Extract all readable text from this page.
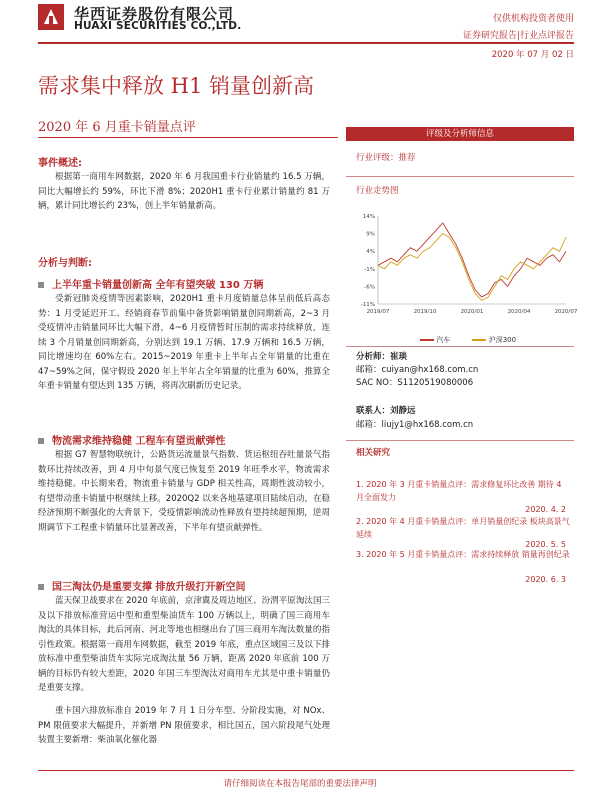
华西证券股份有限公司
HUAXI SECURITIES CO.,LTD.
仅供机构投资者使用
证券研究报告|行业点评报告
2020 年 07 月 02 日
需求集中释放 H1 销量创新高
2020 年 6 月重卡销量点评
事件概述:
根据第一商用车网数据，2020 年 6 月我国重卡行业销量约 16.5 万辆，同比大幅增长约 59%，环比下滑 8%；2020H1 重卡行业累计销量约 81 万辆，累计同比增长约 23%，创上半年销量新高。
分析与判断:
上半年重卡销量创新高 全年有望突破 130 万辆
受新冠肺炎疫情等因素影响，2020H1 重卡月度销量总体呈前低后高态势：1 月受延迟开工、经销商春节前集中备货影响销量创同期新高，2~3 月受疫情冲击销量同环比大幅下滑，4~6 月疫情暂时压制的需求持续释放，连续 3 个月销量创同期新高，分别达到 19.1 万辆、17.9 万辆和 16.5 万辆，同比增速均在 60%左右。2015~2019 年重卡上半年占全年销量的比重在 47~59%之间，保守假设 2020 年上半年占全年销量的比重为 60%，推算全年重卡销量有望达到 135 万辆，将再次刷新历史记录。
物流需求维持稳健 工程车有望贡献弹性
根据 G7 智慧物联统计，公路货运流量景气指数、货运枢纽吞吐量景气指数环比持续改善，到 4 月中旬景气度已恢复至 2019 年旺季水平，物流需求维持稳健。中长期来看，物流重卡销量与 GDP 相关性高，周期性波动较小，有望带动重卡销量中枢继续上移。2020Q2 以来各地基建项目陆续启动，在稳经济预期不断强化的大背景下，受疫情影响流动性释放有望持续超预期，逆周期调节下工程重卡销量环比显著改善，下半年有望贡献弹性。
国三淘汰仍是重要支撑 排放升级打开新空间
蓝天保卫战要求在 2020 年底前，京津冀及周边地区、汾渭平原淘汰国三及以下排放标准营运中型和重型柴油货车 100 万辆以上，明确了国三商用车淘汰的具体目标，此后河南、河北等地也相继出台了国三商用车淘汰数量的指引性政策。根据第一商用车网数据，截至 2019 年底，重点区域国三及以下排放标准中重型柴油货车实际完成淘汰量 56 万辆，距离 2020 年底前 100 万辆的目标仍有较大差距，2020 年国三车型淘汰对商用车尤其是中重卡销量仍是重要支撑。
重卡国六排放标准自 2019 年 7 月 1 日分车型、分阶段实施，对 NOx、PM 限值要求大幅提升，并新增 PN 限值要求，相比国五，国六阶段尾气处理装置主要新增：柴油氧化催化器
评级及分析师信息
行业评级：推荐
行业走势图
-11%
-6%
-1%
4%
9%
14%
2019/07	2019/10	2020/01	2020/04	2020/07
汽车	沪深300
分析师：崔琰
邮箱：cuiyan@hx168.com.cn
SAC NO：S1120519080006
联系人：刘静远
邮箱：liujy1@hx168.com.cn
相关研究
1. 2020 年 3 月重卡销量点评：需求修复环比改善 期待 4 月全面发力
2020. 4. 2
2. 2020 年 4 月重卡销量点评：单月销量创纪录 板块高景气延续
2020. 5. 5
3. 2020 年 5 月重卡销量点评：需求持续释放 销量再创纪录
2020. 6. 3
请仔细阅读在本报告尾部的重要法律声明
